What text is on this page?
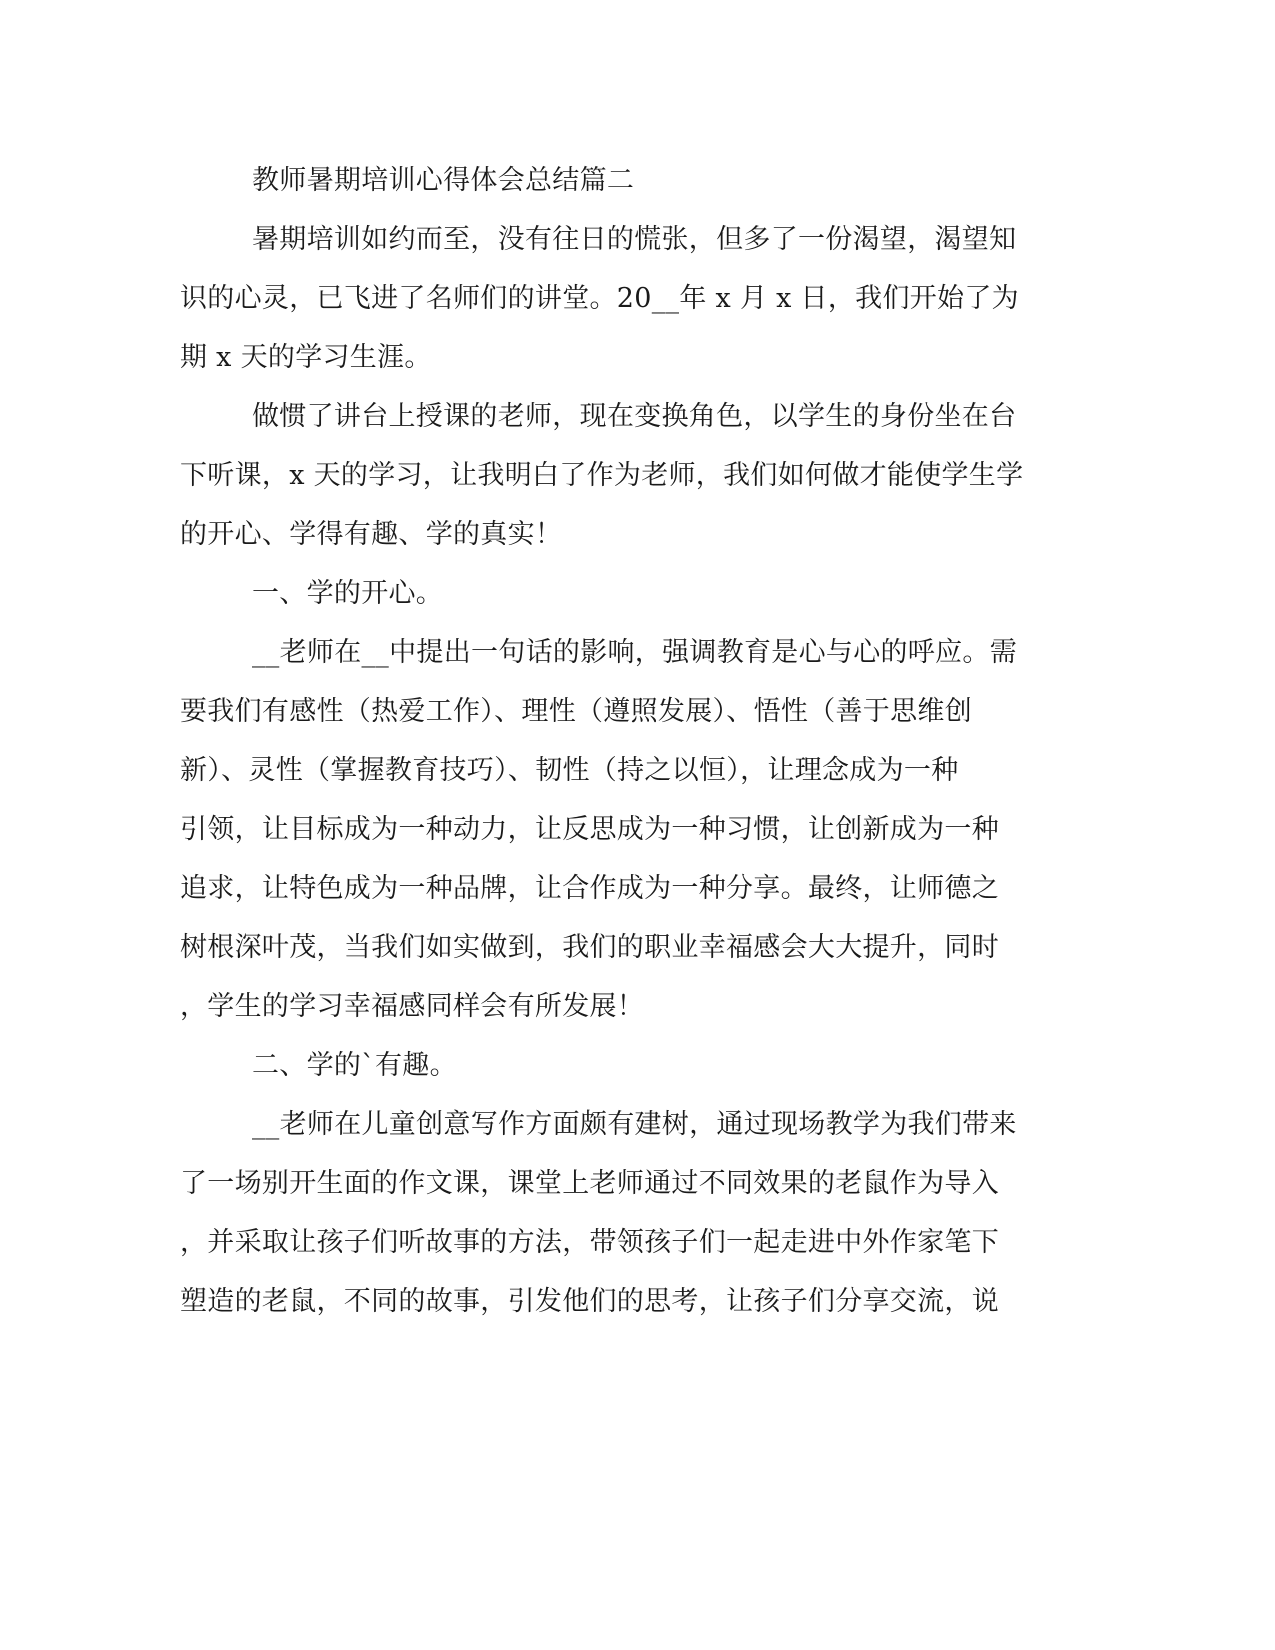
教师暑期培训心得体会总结篇二
暑期培训如约而至，没有往日的慌张，但多了一份渴望，渴望知
识的心灵，已飞进了名师们的讲堂。20__年 x 月 x 日，我们开始了为
期 x 天的学习生涯。
做惯了讲台上授课的老师，现在变换角色，以学生的身份坐在台
下听课，x 天的学习，让我明白了作为老师，我们如何做才能使学生学
的开心、学得有趣、学的真实！
一、学的开心。
__老师在__中提出一句话的影响，强调教育是心与心的呼应。需
要我们有感性（热爱工作）、理性（遵照发展）、悟性（善于思维创
新）、灵性（掌握教育技巧）、韧性（持之以恒），让理念成为一种
引领，让目标成为一种动力，让反思成为一种习惯，让创新成为一种
追求，让特色成为一种品牌，让合作成为一种分享。最终，让师德之
树根深叶茂，当我们如实做到，我们的职业幸福感会大大提升，同时
，学生的学习幸福感同样会有所发展！
二、学的`有趣。
__老师在儿童创意写作方面颇有建树，通过现场教学为我们带来
了一场别开生面的作文课，课堂上老师通过不同效果的老鼠作为导入
，并采取让孩子们听故事的方法，带领孩子们一起走进中外作家笔下
塑造的老鼠，不同的故事，引发他们的思考，让孩子们分享交流，说
